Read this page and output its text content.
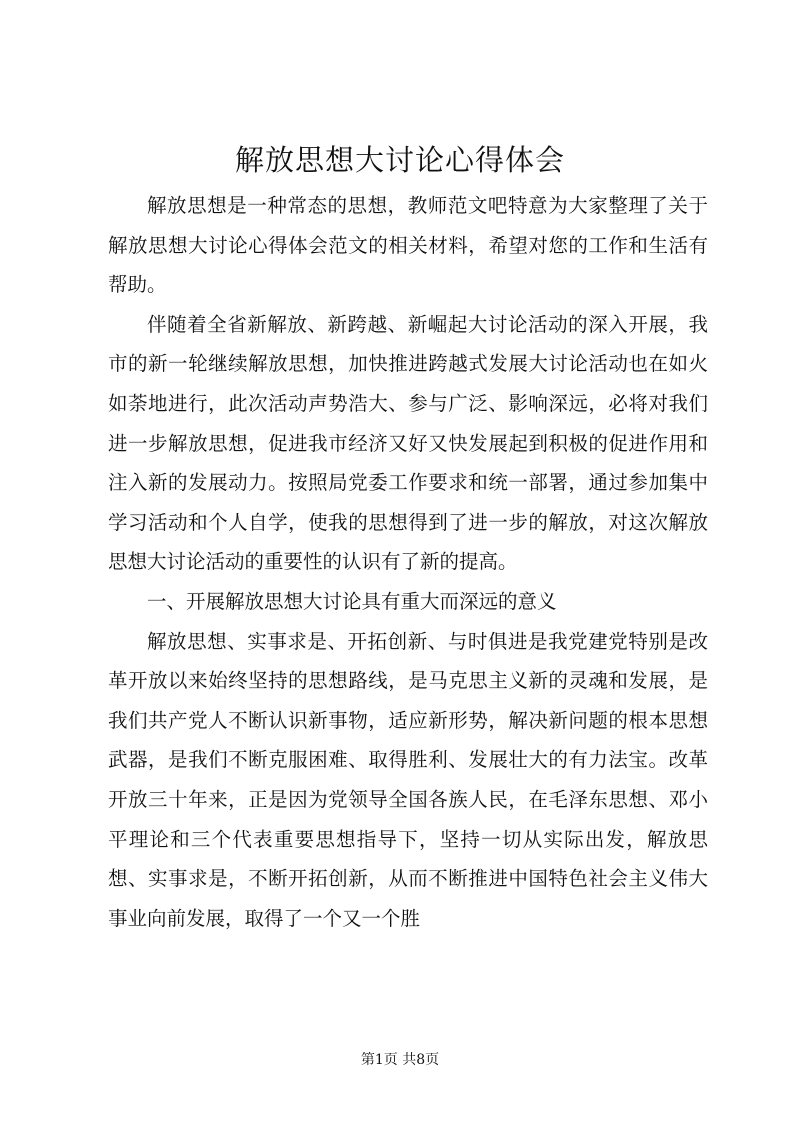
解放思想大讨论心得体会

解放思想是一种常态的思想，教师范文吧特意为大家整理了关于解放思想大讨论心得体会范文的相关材料，希望对您的工作和生活有帮助。

伴随着全省新解放、新跨越、新崛起大讨论活动的深入开展，我市的新一轮继续解放思想，加快推进跨越式发展大讨论活动也在如火如荼地进行，此次活动声势浩大、参与广泛、影响深远，必将对我们进一步解放思想，促进我市经济又好又快发展起到积极的促进作用和注入新的发展动力。按照局党委工作要求和统一部署，通过参加集中学习活动和个人自学，使我的思想得到了进一步的解放，对这次解放思想大讨论活动的重要性的认识有了新的提高。

一、开展解放思想大讨论具有重大而深远的意义

解放思想、实事求是、开拓创新、与时俱进是我党建党特别是改革开放以来始终坚持的思想路线，是马克思主义新的灵魂和发展，是我们共产党人不断认识新事物，适应新形势，解决新问题的根本思想武器，是我们不断克服困难、取得胜利、发展壮大的有力法宝。改革开放三十年来，正是因为党领导全国各族人民，在毛泽东思想、邓小平理论和三个代表重要思想指导下，坚持一切从实际出发，解放思想、实事求是，不断开拓创新，从而不断推进中国特色社会主义伟大事业向前发展，取得了一个又一个胜

第1页 共8页
